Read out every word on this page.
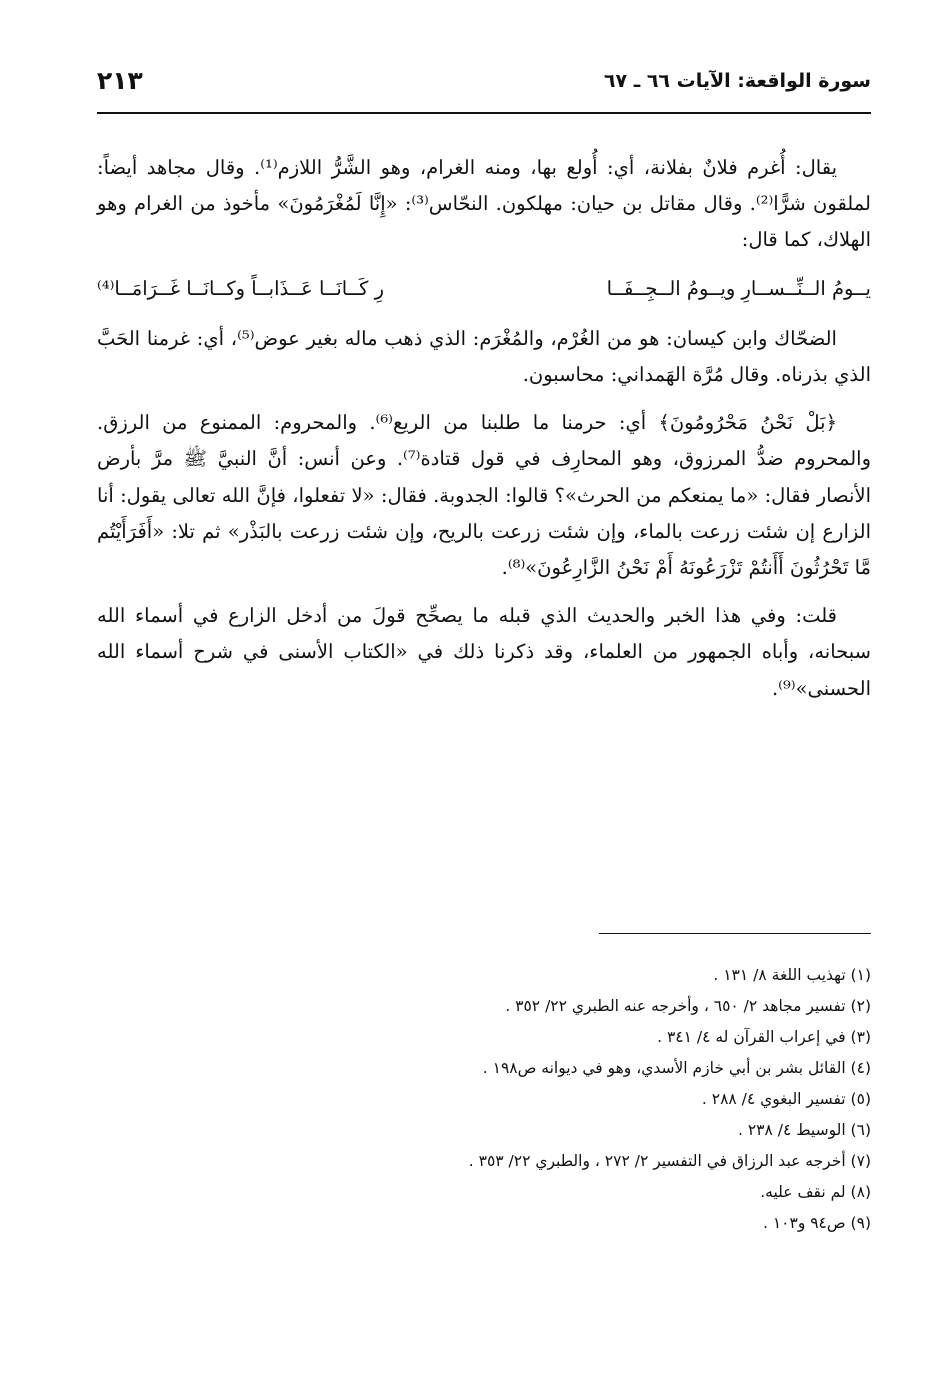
سورة الواقعة: الآيات ٦٦ ـ ٦٧
٢١٣

يقال: أُغرم فلانٌ بفلانة، أي: أُولع بها، ومنه الغرام، وهو الشَّرُّ اللازم⁽¹⁾. وقال مجاهد أيضاً: لملقون شرًّا⁽²⁾. وقال مقاتل بن حيان: مهلكون. النحّاس⁽³⁾: «إِنَّا لَمُغْرَمُونَ» مأخوذ من الغرام وهو الهلاك، كما قال:

يــومُ الــنِّــســارِ ويــومُ الــجِــفَــا
رِ كَــانَــا عَــذَابــاً وكــانَــا غَــرَامَــا⁽⁴⁾

الضحّاك وابن كيسان: هو من الغُرْم، والمُغْرَم: الذي ذهب ماله بغير عوض⁽⁵⁾، أي: غرمنا الحَبَّ الذي بذرناه. وقال مُرَّة الهَمداني: محاسبون.

﴿بَلْ نَحْنُ مَحْرُومُونَ﴾ أي: حرمنا ما طلبنا من الريع⁽⁶⁾. والمحروم: الممنوع من الرزق. والمحروم ضدُّ المرزوق، وهو المحارِف في قول قتادة⁽⁷⁾. وعن أنس: أنَّ النبيَّ ﷺ مرَّ بأرض الأنصار فقال: «ما يمنعكم من الحرث»؟ قالوا: الجدوبة. فقال: «لا تفعلوا، فإنَّ الله تعالى يقول: أنا الزارع إن شئت زرعت بالماء، وإن شئت زرعت بالريح، وإن شئت زرعت بالبَذْر» ثم تلا: «أَفَرَأَيْتُم مَّا تَحْرُثُونَ أَأَنتُمْ تَزْرَعُونَهُ أَمْ نَحْنُ الزَّارِعُونَ»⁽⁸⁾.

قلت: وفي هذا الخبر والحديث الذي قبله ما يصحِّح قولَ من أدخل الزارع في أسماء الله سبحانه، وأباه الجمهور من العلماء، وقد ذكرنا ذلك في «الكتاب الأسنى في شرح أسماء الله الحسنى»⁽⁹⁾.

(١) تهذيب اللغة ٨/ ١٣١ .

(٢) تفسير مجاهد ٢/ ٦٥٠ ، وأخرجه عنه الطبري ٢٢/ ٣٥٢ .

(٣) في إعراب القرآن له ٤/ ٣٤١ .

(٤) القائل بشر بن أبي خازم الأسدي، وهو في ديوانه ص١٩٨ .

(٥) تفسير البغوي ٤/ ٢٨٨ .

(٦) الوسيط ٤/ ٢٣٨ .

(٧) أخرجه عبد الرزاق في التفسير ٢/ ٢٧٢ ، والطبري ٢٢/ ٣٥٣ .

(٨) لم نقف عليه.

(٩) ص٩٤ و١٠٣ .
